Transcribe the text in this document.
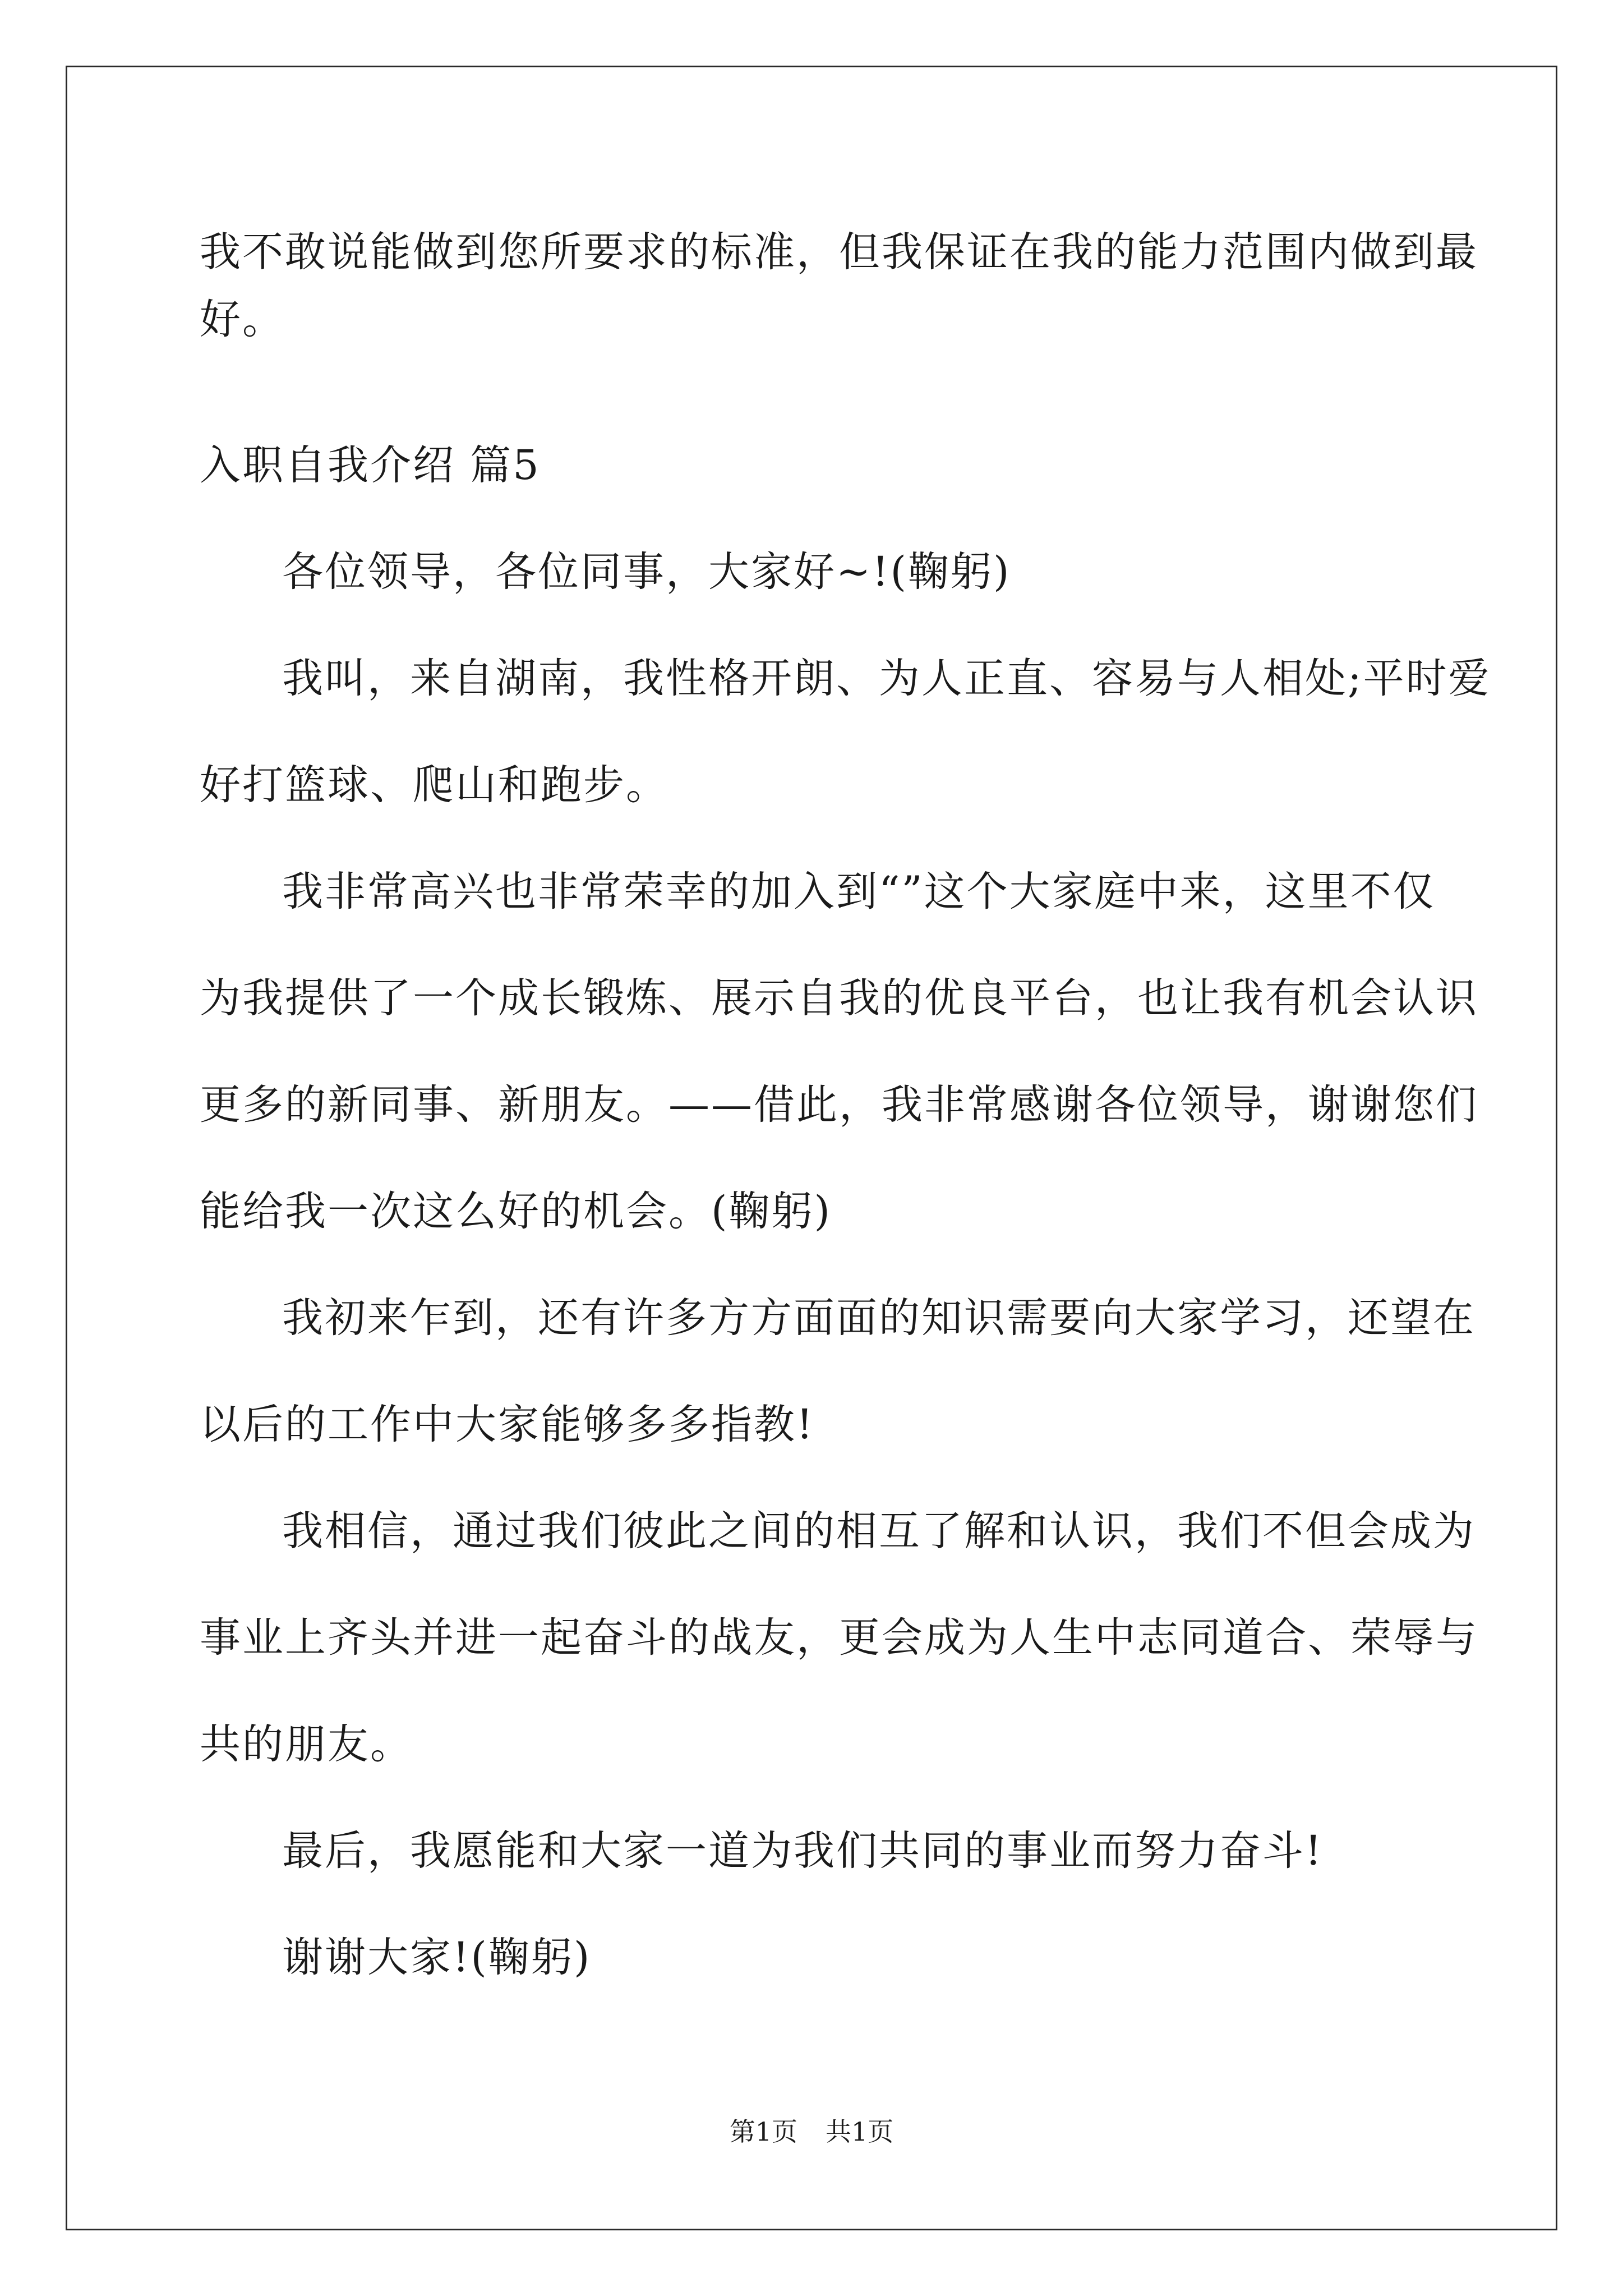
我不敢说能做到您所要求的标准，但我保证在我的能力范围内做到最
好。
入职自我介绍 篇5
各位领导，各位同事，大家好~!(鞠躬)
我叫，来自湖南，我性格开朗、为人正直、容易与人相处;平时爱
好打篮球、爬山和跑步。
我非常高兴也非常荣幸的加入到“”这个大家庭中来，这里不仅
为我提供了一个成长锻炼、展示自我的优良平台，也让我有机会认识
更多的新同事、新朋友。——借此，我非常感谢各位领导，谢谢您们
能给我一次这么好的机会。(鞠躬)
我初来乍到，还有许多方方面面的知识需要向大家学习，还望在
以后的工作中大家能够多多指教!
我相信，通过我们彼此之间的相互了解和认识，我们不但会成为
事业上齐头并进一起奋斗的战友，更会成为人生中志同道合、荣辱与
共的朋友。
最后，我愿能和大家一道为我们共同的事业而努力奋斗!
谢谢大家!(鞠躬)
第1页 共1页
